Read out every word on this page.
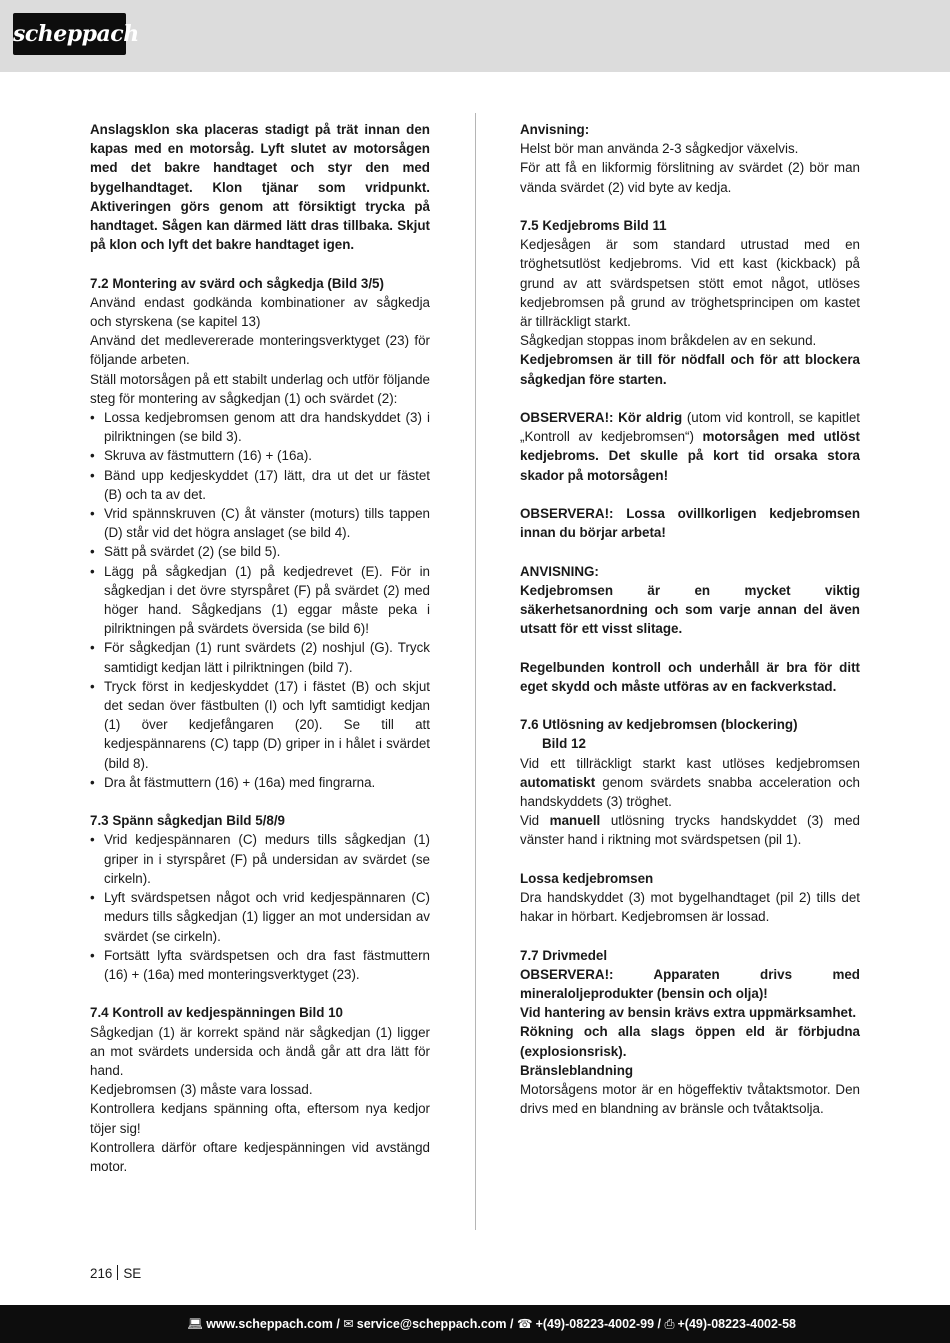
scheppach

Anslagsklon ska placeras stadigt på trät innan den kapas med en motorsåg. Lyft slutet av motorsågen med det bakre handtaget och styr den med bygelhandtaget. Klon tjänar som vridpunkt. Aktiveringen görs genom att försiktigt trycka på handtaget. Sågen kan därmed lätt dras tillbaka. Skjut på klon och lyft det bakre handtaget igen.

7.2 Montering av svärd och sågkedja (Bild 3/5)

Använd endast godkända kombinationer av sågkedja och styrskena (se kapitel 13)

Använd det medlevererade monteringsverktyget (23) för följande arbeten.

Ställ motorsågen på ett stabilt underlag och utför följande steg för montering av sågkedjan (1) och svärdet (2):

• Lossa kedjebromsen genom att dra handskyddet (3) i pilriktningen (se bild 3).
• Skruva av fästmuttern (16) + (16a).
• Bänd upp kedjeskyddet (17) lätt, dra ut det ur fästet (B) och ta av det.
• Vrid spännskruven (C) åt vänster (moturs) tills tappen (D) står vid det högra anslaget (se bild 4).
• Sätt på svärdet (2) (se bild 5).
• Lägg på sågkedjan (1) på kedjedrevet (E). För in sågkedjan i det övre styrspåret (F) på svärdet (2) med höger hand. Sågkedjans (1) eggar måste peka i pilriktningen på svärdets översida (se bild 6)!
• För sågkedjan (1) runt svärdets (2) noshjul (G). Tryck samtidigt kedjan lätt i pilriktningen (bild 7).
• Tryck först in kedjeskyddet (17) i fästet (B) och skjut det sedan över fästbulten (I) och lyft samtidigt kedjan (1) över kedjefångaren (20). Se till att kedjespännarens (C) tapp (D) griper in i hålet i svärdet (bild 8).
• Dra åt fästmuttern (16) + (16a) med fingrarna.

7.3 Spänn sågkedjan Bild 5/8/9

• Vrid kedjespännaren (C) medurs tills sågkedjan (1) griper in i styrspåret (F) på undersidan av svärdet (se cirkeln).
• Lyft svärdspetsen något och vrid kedjespännaren (C) medurs tills sågkedjan (1) ligger an mot undersidan av svärdet (se cirkeln).
• Fortsätt lyfta svärdspetsen och dra fast fästmuttern (16) + (16a) med monteringsverktyget (23).

7.4 Kontroll av kedjespänningen Bild 10

Sågkedjan (1) är korrekt spänd när sågkedjan (1) ligger an mot svärdets undersida och ändå går att dra lätt för hand.

Kedjebromsen (3) måste vara lossad.

Kontrollera kedjans spänning ofta, eftersom nya kedjor töjer sig!

Kontrollera därför oftare kedjespänningen vid avstängd motor.

Anvisning:

Helst bör man använda 2-3 sågkedjor växelvis.

För att få en likformig förslitning av svärdet (2) bör man vända svärdet (2) vid byte av kedja.

7.5 Kedjebroms Bild 11

Kedjesågen är som standard utrustad med en tröghetsutlöst kedjebroms. Vid ett kast (kickback) på grund av att svärdspetsen stött emot något, utlöses kedjebromsen på grund av tröghetsprincipen om kastet är tillräckligt starkt.

Sågkedjan stoppas inom bråkdelen av en sekund.

Kedjebromsen är till för nödfall och för att blockera sågkedjan före starten.

OBSERVERA!: Kör aldrig (utom vid kontroll, se kapitlet „Kontroll av kedjebromsen“) motorsågen med utlöst kedjebroms. Det skulle på kort tid orsaka stora skador på motorsågen!

OBSERVERA!: Lossa ovillkorligen kedjebromsen innan du börjar arbeta!

ANVISNING:

Kedjebromsen är en mycket viktig säkerhetsanordning och som varje annan del även utsatt för ett visst slitage.

Regelbunden kontroll och underhåll är bra för ditt eget skydd och måste utföras av en fackverkstad.

7.6 Utlösning av kedjebromsen (blockering)

Bild 12

Vid ett tillräckligt starkt kast utlöses kedjebromsen automatiskt genom svärdets snabba acceleration och handskyddets (3) tröghet.

Vid manuell utlösning trycks handskyddet (3) med vänster hand i riktning mot svärdspetsen (pil 1).

Lossa kedjebromsen

Dra handskyddet (3) mot bygelhandtaget (pil 2) tills det hakar in hörbart. Kedjebromsen är lossad.

7.7 Drivmedel

OBSERVERA!: Apparaten drivs med mineraloljeprodukter (bensin och olja)!

Vid hantering av bensin krävs extra uppmärksamhet.

Rökning och alla slags öppen eld är förbjudna (explosionsrisk).

Bränsleblandning

Motorsågens motor är en högeffektiv tvåtaktsmotor. Den drivs med en blandning av bränsle och tvåtaktsolja.

216 SE
💻︎ www.scheppach.com / ✉︎ service@scheppach.com / ☎︎ +(49)-08223-4002-99 / ⎙ +(49)-08223-4002-58
